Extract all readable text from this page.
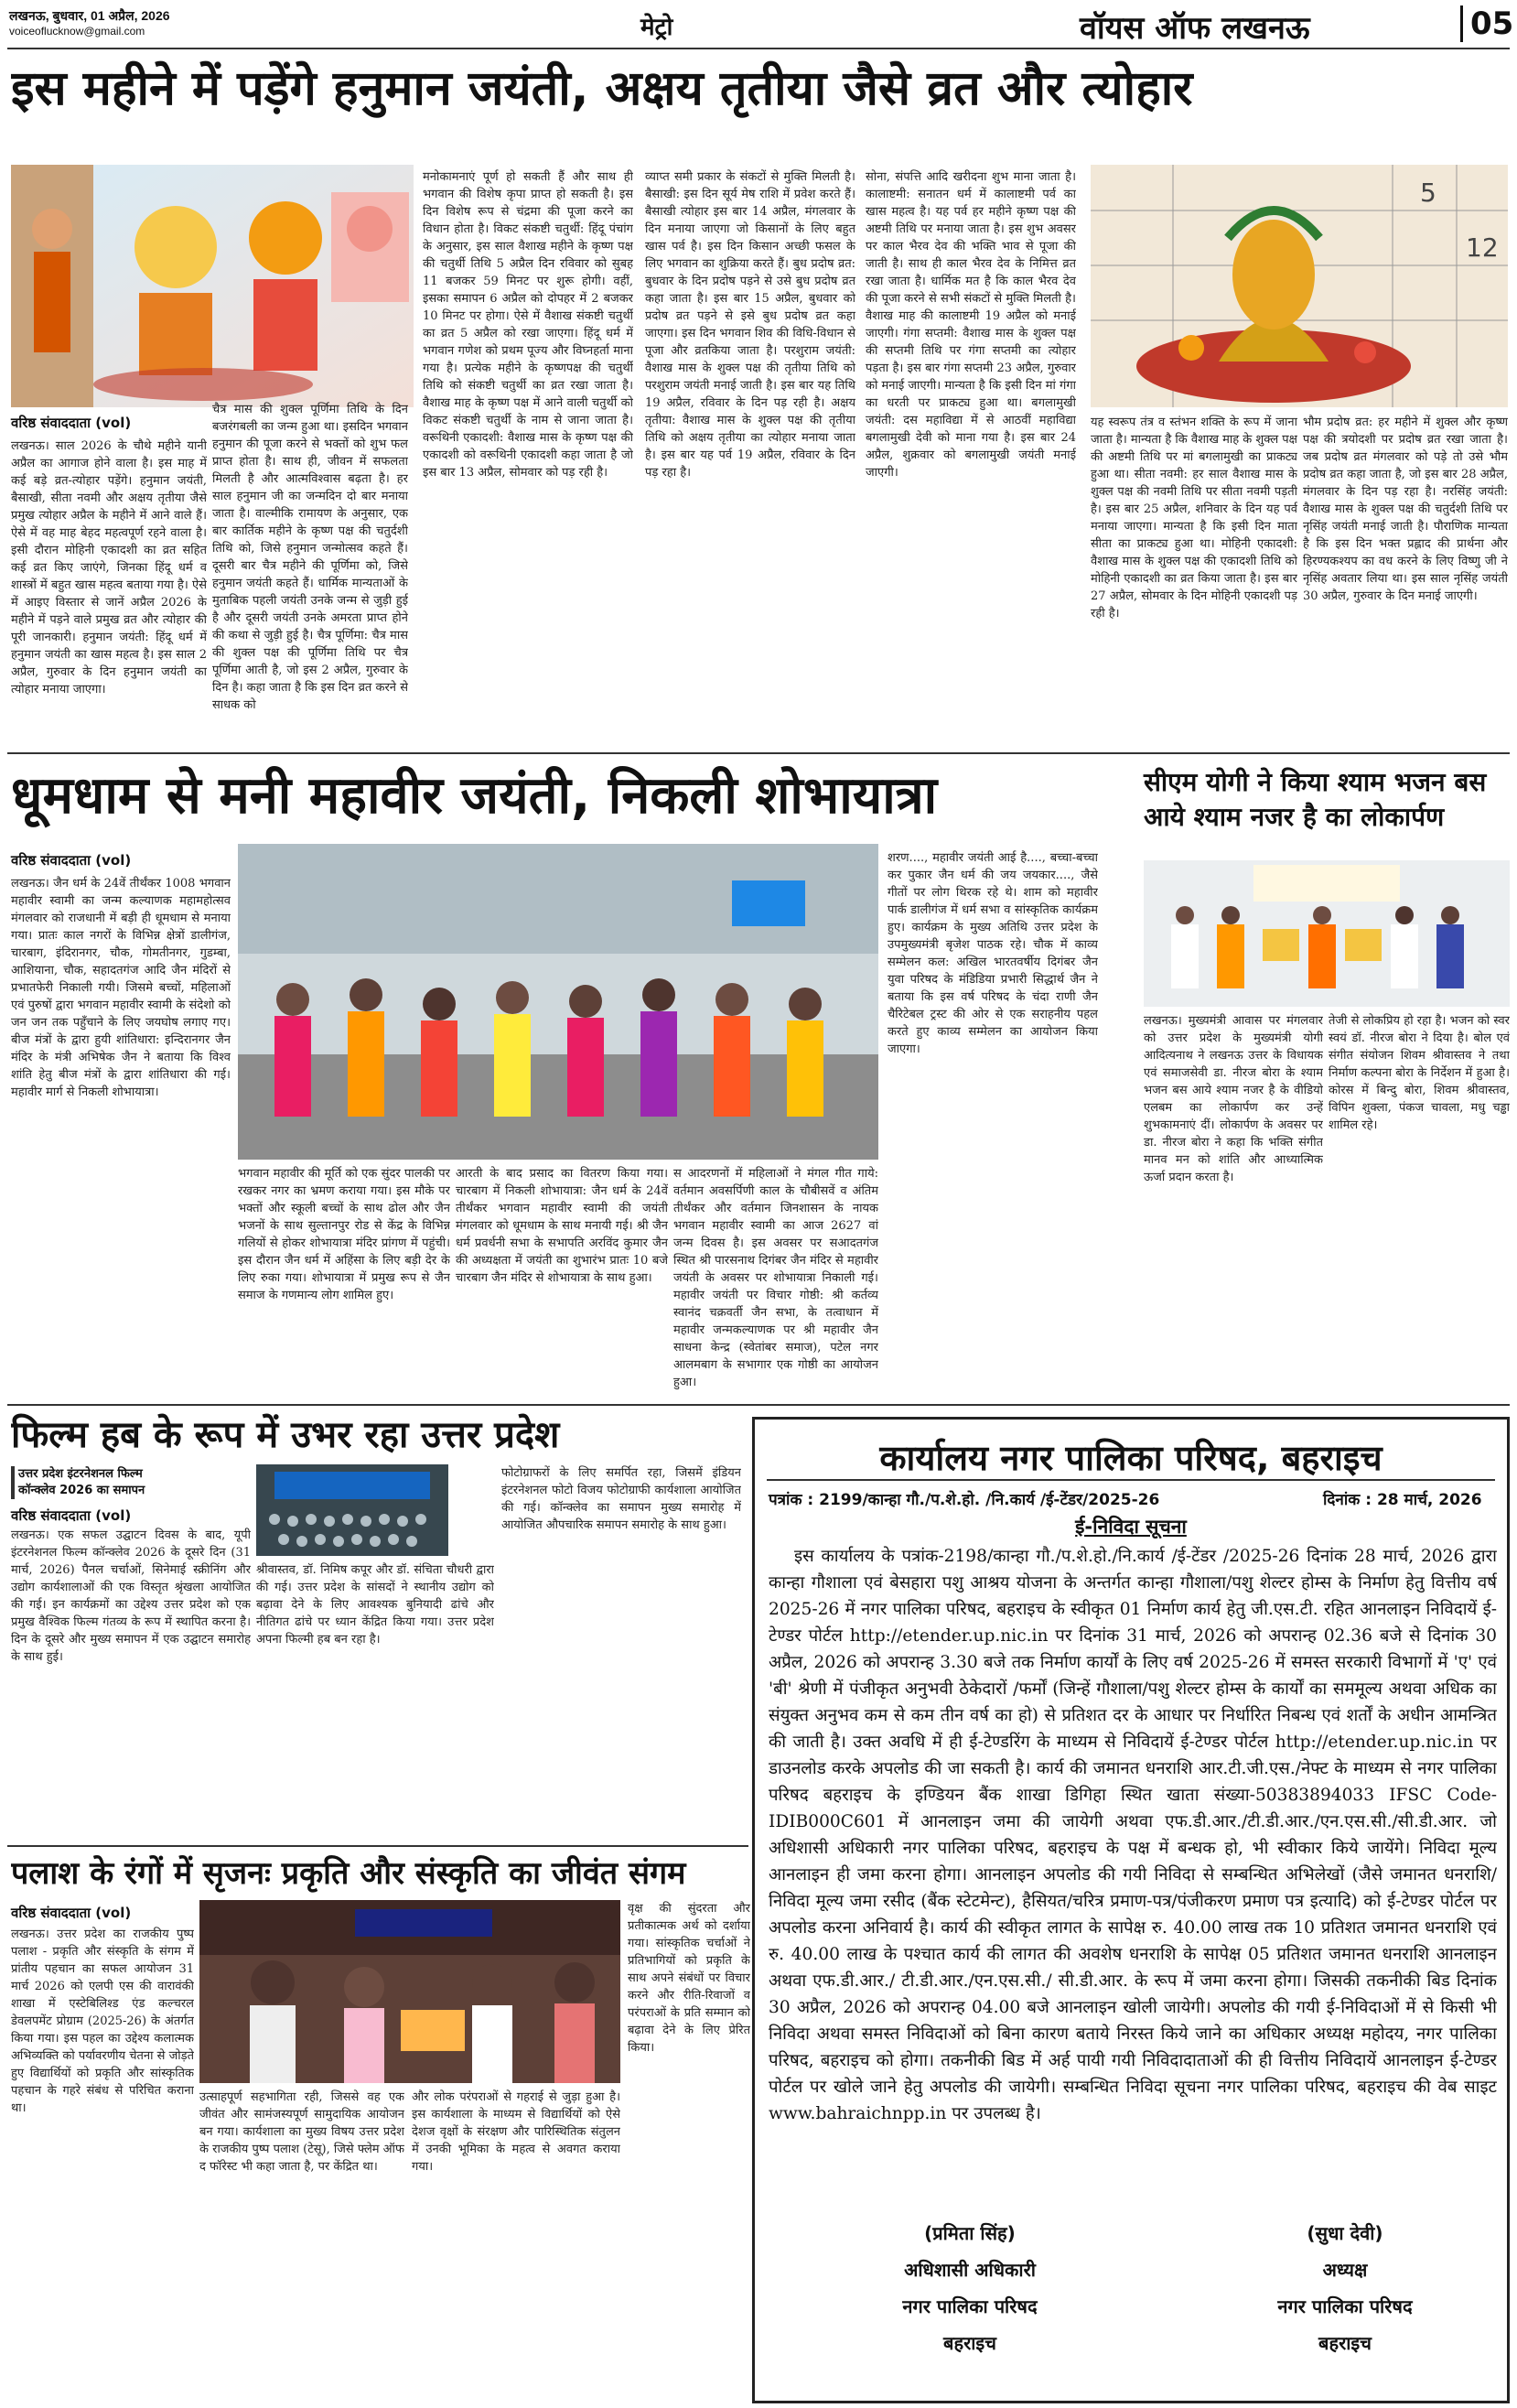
लखनऊ, बुधवार, 01 अप्रैल, 2026
voiceoflucknow@gmail.com	मेट्रो	वॉयस ऑफ लखनऊ	05
इस महीने में पड़ेंगे हनुमान जयंती, अक्षय तृतीया जैसे व्रत और त्योहार
वरिष्ठ संवाददाता (vol)
लखनऊ। साल 2026 के चौथे महीने यानी अप्रैल का आगाज होने वाला है। इस माह में कई बड़े व्रत-त्योहार पड़ेंगे। हनुमान जयंती, बैसाखी, सीता नवमी और अक्षय तृतीया जैसे प्रमुख त्योहार अप्रैल के महीने में आने वाले हैं। ऐसे में वह माह बेहद महत्वपूर्ण रहने वाला है। इसी दौरान मोहिनी एकादशी का व्रत सहित कई व्रत किए जाएंगे, जिनका हिंदू धर्म व शास्त्रों में बहुत खास महत्व बताया गया है। ऐसे में आइए विस्तार से जानें अप्रैल 2026 के महीने में पड़ने वाले प्रमुख व्रत और त्योहार की पूरी जानकारी। हनुमान जयंती: हिंदू धर्म में हनुमान जयंती का खास महत्व है। इस साल 2 अप्रैल, गुरुवार के दिन हनुमान जयंती का त्योहार मनाया जाएगा।
चैत्र मास की शुक्ल पूर्णिमा तिथि के दिन बजरंगबली का जन्म हुआ था। इसदिन भगवान हनुमान की पूजा करने से भक्तों को शुभ फल प्राप्त होता है। साथ ही, जीवन में सफलता मिलती है और आत्मविश्वास बढ़ता है। हर साल हनुमान जी का जन्मदिन दो बार मनाया जाता है। वाल्मीकि रामायण के अनुसार, एक बार कार्तिक महीने के कृष्ण पक्ष की चतुर्दशी तिथि को, जिसे हनुमान जन्मोत्सव कहते हैं। दूसरी बार चैत्र महीने की पूर्णिमा को, जिसे हनुमान जयंती कहते हैं। धार्मिक मान्यताओं के मुताबिक पहली जयंती उनके जन्म से जुड़ी हुई है और दूसरी जयंती उनके अमरता प्राप्त होने की कथा से जुड़ी हुई है। चैत्र पूर्णिमा: चैत्र मास की शुक्ल पक्ष की पूर्णिमा तिथि पर चैत्र पूर्णिमा आती है, जो इस 2 अप्रैल, गुरुवार के दिन है। कहा जाता है कि इस दिन व्रत करने से साधक को
मनोकामनाएं पूर्ण हो सकती हैं और साथ ही भगवान की विशेष कृपा प्राप्त हो सकती है। इस दिन विशेष रूप से चंद्रमा की पूजा करने का विधान होता है। विकट संकष्टी चतुर्थी: हिंदू पंचांग के अनुसार, इस साल वैशाख महीने के कृष्ण पक्ष की चतुर्थी तिथि 5 अप्रैल दिन रविवार को सुबह 11 बजकर 59 मिनट पर शुरू होगी। वहीं, इसका समापन 6 अप्रैल को दोपहर में 2 बजकर 10 मिनट पर होगा। ऐसे में वैशाख संकष्टी चतुर्थी का व्रत 5 अप्रैल को रखा जाएगा। हिंदू धर्म में भगवान गणेश को प्रथम पूज्य और विघ्नहर्ता माना गया है। प्रत्येक महीने के कृष्णपक्ष की चतुर्थी तिथि को संकष्टी चतुर्थी का व्रत रखा जाता है। वैशाख माह के कृष्ण पक्ष में आने वाली चतुर्थी को विकट संकष्टी चतुर्थी के नाम से जाना जाता है। वरूथिनी एकादशी: वैशाख मास के कृष्ण पक्ष की एकादशी को वरूथिनी एकादशी कहा जाता है जो इस बार 13 अप्रैल, सोमवार को पड़ रही है।
व्याप्त समी प्रकार के संकटों से मुक्ति मिलती है। बैसाखी: इस दिन सूर्य मेष राशि में प्रवेश करते हैं। बैसाखी त्योहार इस बार 14 अप्रैल, मंगलवार के दिन मनाया जाएगा जो किसानों के लिए बहुत खास पर्व है। इस दिन किसान अच्छी फसल के लिए भगवान का शुक्रिया करते हैं। बुध प्रदोष व्रत: बुधवार के दिन प्रदोष पड़ने से उसे बुध प्रदोष व्रत कहा जाता है। इस बार 15 अप्रैल, बुधवार को प्रदोष व्रत पड़ने से इसे बुध प्रदोष व्रत कहा जाएगा। इस दिन भगवान शिव की विधि-विधान से पूजा और व्रतकिया जाता है। परशुराम जयंती: वैशाख मास के शुक्ल पक्ष की तृतीया तिथि को परशुराम जयंती मनाई जाती है। इस बार यह तिथि 19 अप्रैल, रविवार के दिन पड़ रही है। अक्षय तृतीया: वैशाख मास के शुक्ल पक्ष की तृतीया तिथि को अक्षय तृतीया का त्योहार मनाया जाता है। इस बार यह पर्व 19 अप्रैल, रविवार के दिन पड़ रहा है।
सोना, संपत्ति आदि खरीदना शुभ माना जाता है। कालाष्टमी: सनातन धर्म में कालाष्टमी पर्व का खास महत्व है। यह पर्व हर महीने कृष्ण पक्ष की अष्टमी तिथि पर मनाया जाता है। इस शुभ अवसर पर काल भैरव देव की भक्ति भाव से पूजा की जाती है। साथ ही काल भैरव देव के निमित्त व्रत रखा जाता है। धार्मिक मत है कि काल भैरव देव की पूजा करने से सभी संकटों से मुक्ति मिलती है। वैशाख माह की कालाष्टमी 19 अप्रैल को मनाई जाएगी। गंगा सप्तमी: वैशाख मास के शुक्ल पक्ष की सप्तमी तिथि पर गंगा सप्तमी का त्योहार पड़ता है। इस बार गंगा सप्तमी 23 अप्रैल, गुरुवार को मनाई जाएगी। मान्यता है कि इसी दिन मां गंगा का धरती पर प्राकट्य हुआ था। बगलामुखी जयंती: दस महाविद्या में से आठवीं महाविद्या बगलामुखी देवी को माना गया है। इस बार 24 अप्रैल, शुक्रवार को बगलामुखी जयंती मनाई जाएगी।
5
12
यह स्वरूप तंत्र व स्तंभन शक्ति के रूप में जाना जाता है। मान्यता है कि वैशाख माह के शुक्ल पक्ष की अष्टमी तिथि पर मां बगलामुखी का प्राकट्य हुआ था। सीता नवमी: हर साल वैशाख मास के शुक्ल पक्ष की नवमी तिथि पर सीता नवमी पड़ती है। इस बार 25 अप्रैल, शनिवार के दिन यह पर्व मनाया जाएगा। मान्यता है कि इसी दिन माता सीता का प्राकट्य हुआ था। मोहिनी एकादशी: वैशाख मास के शुक्ल पक्ष की एकादशी तिथि को मोहिनी एकादशी का व्रत किया जाता है। इस बार 27 अप्रैल, सोमवार के दिन मोहिनी एकादशी पड़ रही है।
भौम प्रदोष व्रत: हर महीने में शुक्ल और कृष्ण पक्ष की त्रयोदशी पर प्रदोष व्रत रखा जाता है। जब प्रदोष व्रत मंगलवार को पड़े तो उसे भौम प्रदोष व्रत कहा जाता है, जो इस बार 28 अप्रैल, मंगलवार के दिन पड़ रहा है। नरसिंह जयंती: वैशाख मास के शुक्ल पक्ष की चतुर्दशी तिथि पर नृसिंह जयंती मनाई जाती है। पौराणिक मान्यता है कि इस दिन भक्त प्रह्लाद की प्रार्थना और हिरण्यकश्यप का वध करने के लिए विष्णु जी ने नृसिंह अवतार लिया था। इस साल नृसिंह जयंती 30 अप्रैल, गुरुवार के दिन मनाई जाएगी।
धूमधाम से मनी महावीर जयंती, निकली शोभायात्रा	सीएम योगी ने किया श्याम भजन बस आये श्याम नजर है का लोकार्पण
वरिष्ठ संवाददाता (vol)
लखनऊ। जैन धर्म के 24वें तीर्थंकर 1008 भगवान महावीर स्वामी का जन्म कल्याणक महामहोत्सव मंगलवार को राजधानी में बड़ी ही धूमधाम से मनाया गया। प्रातः काल नगरों के विभिन्न क्षेत्रों डालीगंज, चारबाग, इंदिरानगर, चौक, गोमतीनगर, गुडम्बा, आशियाना, चौक, सहादतगंज आदि जैन मंदिरों से प्रभातफेरी निकाली गयी। जिसमे बच्चों, महिलाओं एवं पुरुषों द्वारा भगवान महावीर स्वामी के संदेशो को जन जन तक पहुँचाने के लिए जयघोष लगाए गए। बीज मंत्रों के द्वारा हुयी शांतिधारा: इन्दिरानगर जैन मंदिर के मंत्री अभिषेक जैन ने बताया कि विश्व शांति हेतु बीज मंत्रों के द्वारा शांतिधारा की गई। महावीर मार्ग से निकली शोभायात्रा।
भगवान महावीर की मूर्ति को एक सुंदर पालकी पर रखकर नगर का भ्रमण कराया गया। इस मौके पर भक्तों और स्कूली बच्चों के साथ ढोल और जैन भजनों के साथ सुल्तानपुर रोड से केंद्र के विभिन्न गलियों से होकर शोभायात्रा मंदिर प्रांगण में पहुंची। इस दौरान जैन धर्म में अहिंसा के लिए बड़ी देर के लिए रुका गया। शोभायात्रा में प्रमुख रूप से जैन समाज के गणमान्य लोग शामिल हुए।
आरती के बाद प्रसाद का वितरण किया गया। चारबाग में निकली शोभायात्रा: जैन धर्म के 24वें तीर्थंकर भगवान महावीर स्वामी की जयंती मंगलवार को धूमधाम के साथ मनायी गई। श्री जैन धर्म प्रवर्धनी सभा के सभापति अरविंद कुमार जैन की अध्यक्षता में जयंती का शुभारंभ प्रातः 10 बजे चारबाग जैन मंदिर से शोभायात्रा के साथ हुआ।
शरण...., महावीर जयंती आई है...., बच्चा-बच्चा कर पुकार जैन धर्म की जय जयकार...., जैसे गीतों पर लोग थिरक रहे थे। शाम को महावीर पार्क डालीगंज में धर्म सभा व सांस्कृतिक कार्यक्रम हुए। कार्यक्रम के मुख्य अतिथि उत्तर प्रदेश के उपमुख्यमंत्री बृजेश पाठक रहे। चौक में काव्य सम्मेलन कल: अखिल भारतवर्षीय दिगंबर जैन युवा परिषद के मंडिडिया प्रभारी सिद्धार्थ जैन ने बताया कि इस वर्ष परिषद के चंदा राणी जैन चैरिटेबल ट्रस्ट की ओर से एक सराहनीय पहल करते हुए काव्य सम्मेलन का आयोजन किया जाएगा।
स आदरणनों में महिलाओं ने मंगल गीत गाये: वर्तमान अवसर्पिणी काल के चौबीसवें व अंतिम तीर्थंकर और वर्तमान जिनशासन के नायक भगवान महावीर स्वामी का आज 2627 वां जन्म दिवस है। इस अवसर पर सआदतगंज स्थित श्री पारसनाथ दिगंबर जैन मंदिर से महावीर जयंती के अवसर पर शोभायात्रा निकाली गई। महावीर जयंती पर विचार गोष्ठी: श्री कर्तव्य स्वानंद चक्रवर्ती जैन सभा, के तत्वाधान में महावीर जन्मकल्याणक पर श्री महावीर जैन साधना केन्द्र (स्वेतांबर समाज), पटेल नगर आलमबाग के सभागार एक गोष्ठी का आयोजन हुआ।
लखनऊ। मुख्यमंत्री आवास पर मंगलवार को उत्तर प्रदेश के मुख्यमंत्री योगी आदित्यनाथ ने लखनऊ उत्तर के विधायक एवं समाजसेवी डा. नीरज बोरा के श्याम भजन बस आये श्याम नजर है के वीडियो एलबम का लोकार्पण कर उन्हें शुभकामनाएं दीं। लोकार्पण के अवसर पर डा. नीरज बोरा ने कहा कि भक्ति संगीत मानव मन को शांति और आध्यात्मिक ऊर्जा प्रदान करता है।
तेजी से लोकप्रिय हो रहा है। भजन को स्वर स्वयं डॉ. नीरज बोरा ने दिया है। बोल एवं संगीत संयोजन शिवम श्रीवास्तव ने तथा निर्माण कल्पना बोरा के निर्देशन में हुआ है। कोरस में बिन्दु बोरा, शिवम श्रीवास्तव, विपिन शुक्ला, पंकज चावला, मधु चड्ढा शामिल रहे।
फिल्म हब के रूप में उभर रहा उत्तर प्रदेश
उत्तर प्रदेश इंटरनेशनल फिल्म कॉन्क्लेव 2026 का समापन
वरिष्ठ संवाददाता (vol)
लखनऊ। एक सफल उद्घाटन दिवस के बाद, यूपी इंटरनेशनल फिल्म कॉन्क्लेव 2026 के दूसरे दिन (31 मार्च, 2026) पैनल चर्चाओं, सिनेमाई स्क्रीनिंग और उद्योग कार्यशालाओं की एक विस्तृत श्रृंखला आयोजित की गई। इन कार्यक्रमों का उद्देश्य उत्तर प्रदेश को एक प्रमुख वैश्विक फिल्म गंतव्य के रूप में स्थापित करना है। दिन के दूसरे और मुख्य समापन में एक उद्घाटन समारोह के साथ हुई।
श्रीवास्तव, डॉ. निमिष कपूर और डॉ. संचिता चौधरी द्वारा की गई। उत्तर प्रदेश के सांसदों ने स्थानीय उद्योग को बढ़ावा देने के लिए आवश्यक बुनियादी ढांचे और नीतिगत ढांचे पर ध्यान केंद्रित किया गया। उत्तर प्रदेश अपना फिल्मी हब बन रहा है।
फोटोग्राफरों के लिए समर्पित रहा, जिसमें इंडियन इंटरनेशनल फोटो विजय फोटोग्राफी कार्यशाला आयोजित की गई। कॉन्क्लेव का समापन मुख्य समारोह में आयोजित औपचारिक समापन समारोह के साथ हुआ।
पलाश के रंगों में सृजनः प्रकृति और संस्कृति का जीवंत संगम
वरिष्ठ संवाददाता (vol)
लखनऊ। उत्तर प्रदेश का राजकीय पुष्प पलाश - प्रकृति और संस्कृति के संगम में प्रांतीय पहचान का सफल आयोजन 31 मार्च 2026 को एलपी एस की वारावंकी शाखा में एस्टेबिलिश्ड एंड कल्चरल डेवलपमेंट प्रोग्राम (2025-26) के अंतर्गत किया गया। इस पहल का उद्देश्य कलात्मक अभिव्यक्ति को पर्यावरणीय चेतना से जोड़ते हुए विद्यार्थियों को प्रकृति और सांस्कृतिक पहचान के गहरे संबंध से परिचित कराना था।
उत्साहपूर्ण सहभागिता रही, जिससे वह एक जीवंत और सामंजस्यपूर्ण सामुदायिक आयोजन बन गया। कार्यशाला का मुख्य विषय उत्तर प्रदेश के राजकीय पुष्प पलाश (टेसू), जिसे फ्लेम ऑफ द फॉरेस्ट भी कहा जाता है, पर केंद्रित था।
और लोक परंपराओं से गहराई से जुड़ा हुआ है। इस कार्यशाला के माध्यम से विद्यार्थियों को ऐसे देशज वृक्षों के संरक्षण और पारिस्थितिक संतुलन में उनकी भूमिका के महत्व से अवगत कराया गया।
वृक्ष की सुंदरता और प्रतीकात्मक अर्थ को दर्शाया गया। सांस्कृतिक चर्चाओं ने प्रतिभागियों को प्रकृति के साथ अपने संबंधों पर विचार करने और रीति-रिवाजों व परंपराओं के प्रति सम्मान को बढ़ावा देने के लिए प्रेरित किया।
कार्यालय नगर पालिका परिषद, बहराइच
पत्रांक : 2199/कान्हा गौ./प.शे.हो. /नि.कार्य /ई-टेंडर/2025-26	दिनांक : 28 मार्च, 2026
ई-निविदा सूचना
इस कार्यालय के पत्रांक-2198/कान्हा गौ./प.शे.हो./नि.कार्य /ई-टेंडर /2025-26 दिनांक 28 मार्च, 2026 द्वारा कान्हा गौशाला एवं बेसहारा पशु आश्रय योजना के अन्तर्गत कान्हा गौशाला/पशु शेल्टर होम्स के निर्माण हेतु वित्तीय वर्ष 2025-26 में नगर पालिका परिषद, बहराइच के स्वीकृत 01 निर्माण कार्य हेतु जी.एस.टी. रहित आनलाइन निविदायें ई-टेण्डर पोर्टल http://etender.up.nic.in पर दिनांक 31 मार्च, 2026 को अपरान्ह 02.36 बजे से दिनांक 30 अप्रैल, 2026 को अपरान्ह 3.30 बजे तक निर्माण कार्यों के लिए वर्ष 2025-26 में समस्त सरकारी विभागों में 'ए' एवं 'बी' श्रेणी में पंजीकृत अनुभवी ठेकेदारों /फर्मों (जिन्हें गौशाला/पशु शेल्टर होम्स के कार्यों का सममूल्य अथवा अधिक का संयुक्त अनुभव कम से कम तीन वर्ष का हो) से प्रतिशत दर के आधार पर निर्धारित निबन्ध एवं शर्तों के अधीन आमन्त्रित की जाती है। उक्त अवधि में ही ई-टेण्डरिंग के माध्यम से निविदायें ई-टेण्डर पोर्टल http://etender.up.nic.in पर डाउनलोड करके अपलोड की जा सकती है। कार्य की जमानत धनराशि आर.टी.जी.एस./नेफ्ट के माध्यम से नगर पालिका परिषद बहराइच के इण्डियन बैंक शाखा डिगिहा स्थित खाता संख्या-50383894033 IFSC Code- IDIB000C601 में आनलाइन जमा की जायेगी अथवा एफ.डी.आर./टी.डी.आर./एन.एस.सी./सी.डी.आर. जो अधिशासी अधिकारी नगर पालिका परिषद, बहराइच के पक्ष में बन्धक हो, भी स्वीकार किये जायेंगे। निविदा मूल्य आनलाइन ही जमा करना होगा। आनलाइन अपलोड की गयी निविदा से सम्बन्धित अभिलेखों (जैसे जमानत धनराशि/निविदा मूल्य जमा रसीद (बैंक स्टेटमेन्ट), हैसियत/चरित्र प्रमाण-पत्र/पंजीकरण प्रमाण पत्र इत्यादि) को ई-टेण्डर पोर्टल पर अपलोड करना अनिवार्य है। कार्य की स्वीकृत लागत के सापेक्ष रु. 40.00 लाख तक 10 प्रतिशत जमानत धनराशि एवं रु. 40.00 लाख के पश्चात कार्य की लागत की अवशेष धनराशि के सापेक्ष 05 प्रतिशत जमानत धनराशि आनलाइन अथवा एफ.डी.आर./ टी.डी.आर./एन.एस.सी./ सी.डी.आर. के रूप में जमा करना होगा। जिसकी तकनीकी बिड दिनांक 30 अप्रैल, 2026 को अपरान्ह 04.00 बजे आनलाइन खोली जायेगी। अपलोड की गयी ई-निविदाओं में से किसी भी निविदा अथवा समस्त निविदाओं को बिना कारण बताये निरस्त किये जाने का अधिकार अध्यक्ष महोदय, नगर पालिका परिषद, बहराइच को होगा। तकनीकी बिड में अर्ह पायी गयी निविदादाताओं की ही वित्तीय निविदायें आनलाइन ई-टेण्डर पोर्टल पर खोले जाने हेतु अपलोड की जायेगी। सम्बन्धित निविदा सूचना नगर पालिका परिषद, बहराइच की वेब साइट www.bahraichnpp.in पर उपलब्ध है।
(प्रमिता सिंह)
अधिशासी अधिकारी
नगर पालिका परिषद
बहराइच
(सुधा देवी)
अध्यक्ष
नगर पालिका परिषद
बहराइच
